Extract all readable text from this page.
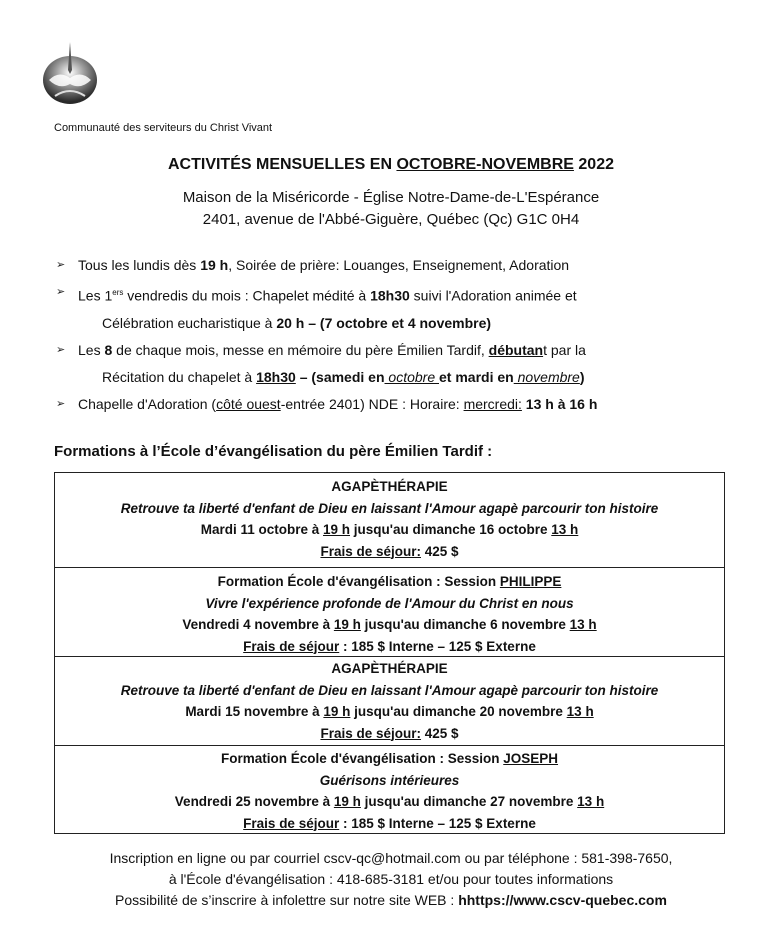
Communauté des serviteurs du Christ Vivant
ACTIVITÉS MENSUELLES EN OCTOBRE-NOVEMBRE 2022
Maison de la Miséricorde - Église Notre-Dame-de-L'Espérance
2401, avenue de l'Abbé-Giguère, Québec (Qc) G1C 0H4
➢ Tous les lundis dès 19 h, Soirée de prière: Louanges, Enseignement, Adoration
➢ Les 1ers vendredis du mois : Chapelet médité à 18h30 suivi l'Adoration animée et
Célébration eucharistique à 20 h – (7 octobre et 4 novembre)
➢ Les 8 de chaque mois, messe en mémoire du père Émilien Tardif, débutant par la
Récitation du chapelet à 18h30 – (samedi en octobre et mardi en novembre)
➢ Chapelle d'Adoration (côté ouest-entrée 2401) NDE : Horaire: mercredi: 13 h à 16 h
Formations à l’École d’évangélisation du père Émilien Tardif :
AGAPÈTHÉRAPIE
Retrouve ta liberté d'enfant de Dieu en laissant l'Amour agapè parcourir ton histoire
Mardi 11 octobre à 19 h jusqu'au dimanche 16 octobre 13 h
Frais de séjour: 425 $
Formation École d'évangélisation : Session PHILIPPE
Vivre l'expérience profonde de l'Amour du Christ en nous
Vendredi 4 novembre à 19 h jusqu'au dimanche 6 novembre 13 h
Frais de séjour : 185 $ Interne – 125 $ Externe
AGAPÈTHÉRAPIE
Retrouve ta liberté d'enfant de Dieu en laissant l'Amour agapè parcourir ton histoire
Mardi 15 novembre à 19 h jusqu'au dimanche 20 novembre 13 h
Frais de séjour: 425 $
Formation École d'évangélisation : Session JOSEPH
Guérisons intérieures
Vendredi 25 novembre à 19 h jusqu'au dimanche 27 novembre 13 h
Frais de séjour : 185 $ Interne – 125 $ Externe
Inscription en ligne ou par courriel cscv-qc@hotmail.com ou par téléphone : 581-398-7650,
à l'École d'évangélisation : 418-685-3181 et/ou pour toutes informations
Possibilité de s’inscrire à infolettre sur notre site WEB : hhttps://www.cscv-quebec.com
